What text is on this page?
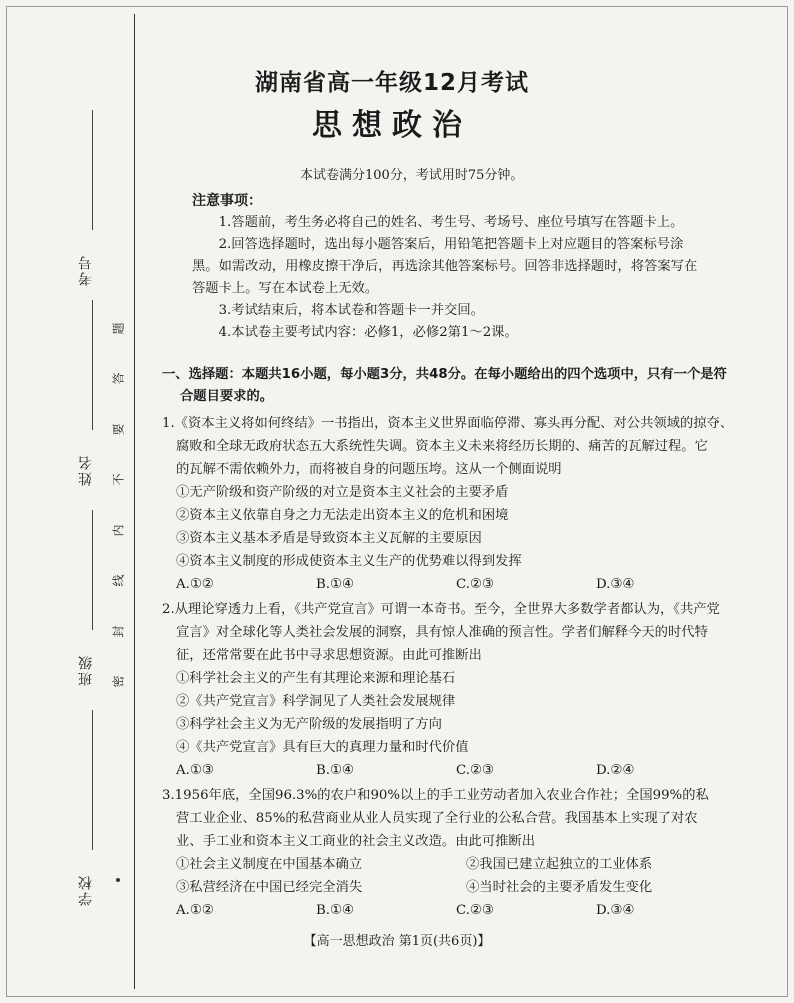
考号
姓名
班级
学校
题
答
要
不
内
线
封
密
湖南省高一年级12月考试
思想政治
本试卷满分100分，考试用时75分钟。
注意事项：

1.答题前，考生务必将自己的姓名、考生号、考场号、座位号填写在答题卡上。

2.回答选择题时，选出每小题答案后，用铅笔把答题卡上对应题目的答案标号涂

黑。如需改动，用橡皮擦干净后，再选涂其他答案标号。回答非选择题时，将答案写在

答题卡上。写在本试卷上无效。

3.考试结束后，将本试卷和答题卡一并交回。

4.本试卷主要考试内容：必修1，必修2第1～2课。

一、选择题：本题共16小题，每小题3分，共48分。在每小题给出的四个选项中，只有一个是符
合题目要求的。

1.《资本主义将如何终结》一书指出，资本主义世界面临停滞、寡头再分配、对公共领域的掠夺、

腐败和全球无政府状态五大系统性失调。资本主义未来将经历长期的、痛苦的瓦解过程。它

的瓦解不需依赖外力，而将被自身的问题压垮。这从一个侧面说明

①无产阶级和资产阶级的对立是资本主义社会的主要矛盾

②资本主义依靠自身之力无法走出资本主义的危机和困境

③资本主义基本矛盾是导致资本主义瓦解的主要原因

④资本主义制度的形成使资本主义生产的优势难以得到发挥

A.①②	B.①④	C.②③	D.③④

2.从理论穿透力上看，《共产党宣言》可谓一本奇书。至今，全世界大多数学者都认为，《共产党

宣言》对全球化等人类社会发展的洞察，具有惊人准确的预言性。学者们解释今天的时代特

征，还常常要在此书中寻求思想资源。由此可推断出

①科学社会主义的产生有其理论来源和理论基石

②《共产党宣言》科学洞见了人类社会发展规律

③科学社会主义为无产阶级的发展指明了方向

④《共产党宣言》具有巨大的真理力量和时代价值

A.①③	B.①④	C.②③	D.②④

3.1956年底，全国96.3%的农户和90%以上的手工业劳动者加入农业合作社；全国99%的私

营工业企业、85%的私营商业从业人员实现了全行业的公私合营。我国基本上实现了对农

业、手工业和资本主义工商业的社会主义改造。由此可推断出

①社会主义制度在中国基本确立	②我国已建立起独立的工业体系
③私营经济在中国已经完全消失	④当时社会的主要矛盾发生变化
A.①②	B.①④	C.②③	D.③④
【高一思想政治 第1页(共6页)】
